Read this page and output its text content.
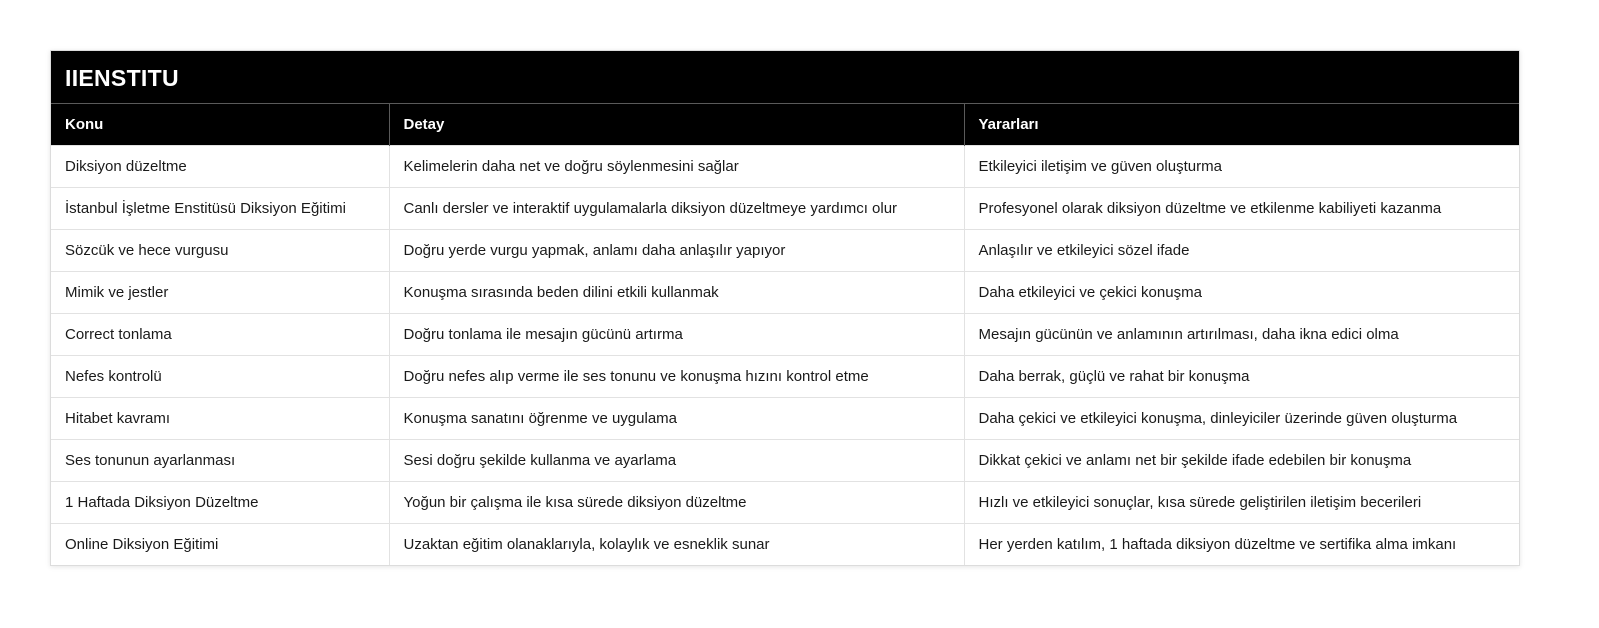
IIENSTITU
Konu	Detay	Yararları
Diksiyon düzeltme	Kelimelerin daha net ve doğru söylenmesini sağlar	Etkileyici iletişim ve güven oluşturma
İstanbul İşletme Enstitüsü Diksiyon Eğitimi	Canlı dersler ve interaktif uygulamalarla diksiyon düzeltmeye yardımcı olur	Profesyonel olarak diksiyon düzeltme ve etkilenme kabiliyeti kazanma
Sözcük ve hece vurgusu	Doğru yerde vurgu yapmak, anlamı daha anlaşılır yapıyor	Anlaşılır ve etkileyici sözel ifade
Mimik ve jestler	Konuşma sırasında beden dilini etkili kullanmak	Daha etkileyici ve çekici konuşma
Correct tonlama	Doğru tonlama ile mesajın gücünü artırma	Mesajın gücünün ve anlamının artırılması, daha ikna edici olma
Nefes kontrolü	Doğru nefes alıp verme ile ses tonunu ve konuşma hızını kontrol etme	Daha berrak, güçlü ve rahat bir konuşma
Hitabet kavramı	Konuşma sanatını öğrenme ve uygulama	Daha çekici ve etkileyici konuşma, dinleyiciler üzerinde güven oluşturma
Ses tonunun ayarlanması	Sesi doğru şekilde kullanma ve ayarlama	Dikkat çekici ve anlamı net bir şekilde ifade edebilen bir konuşma
1 Haftada Diksiyon Düzeltme	Yoğun bir çalışma ile kısa sürede diksiyon düzeltme	Hızlı ve etkileyici sonuçlar, kısa sürede geliştirilen iletişim becerileri
Online Diksiyon Eğitimi	Uzaktan eğitim olanaklarıyla, kolaylık ve esneklik sunar	Her yerden katılım, 1 haftada diksiyon düzeltme ve sertifika alma imkanı
